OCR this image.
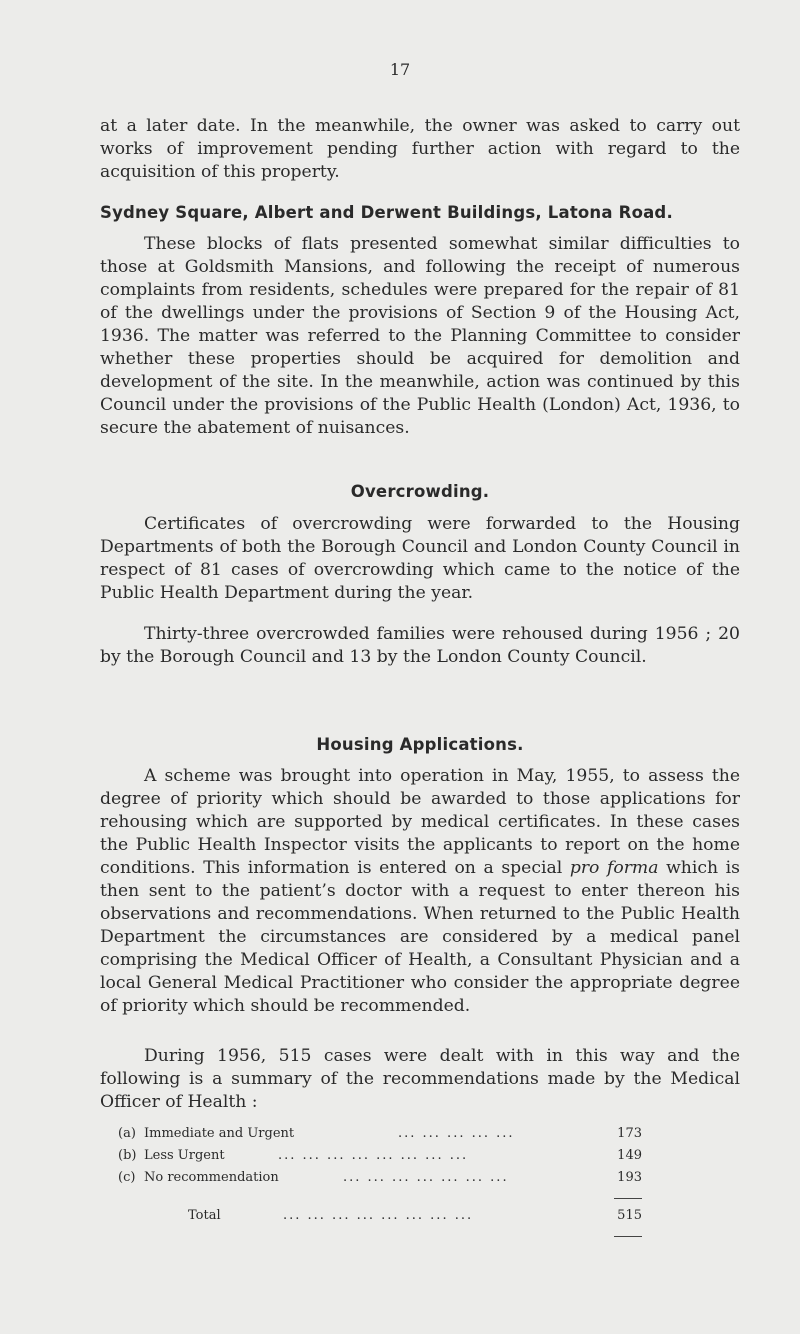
17

at a later date. In the meanwhile, the owner was asked to carry out works of improvement pending further action with regard to the acquisition of this property.

Sydney Square, Albert and Derwent Buildings, Latona Road.

These blocks of flats presented somewhat similar difficulties to those at Goldsmith Mansions, and following the receipt of numerous complaints from residents, schedules were prepared for the repair of 81 of the dwellings under the provisions of Section 9 of the Housing Act, 1936. The matter was referred to the Planning Committee to consider whether these properties should be acquired for demolition and development of the site. In the meanwhile, action was continued by this Council under the provisions of the Public Health (London) Act, 1936, to secure the abatement of nuisances.

Overcrowding.

Certificates of overcrowding were forwarded to the Housing Departments of both the Borough Council and London County Council in respect of 81 cases of overcrowding which came to the notice of the Public Health Department during the year.

Thirty-three overcrowded families were rehoused during 1956 ; 20 by the Borough Council and 13 by the London County Council.

Housing Applications.

A scheme was brought into operation in May, 1955, to assess the degree of priority which should be awarded to those applications for rehousing which are supported by medical certificates. In these cases the Public Health Inspector visits the applicants to report on the home conditions. This information is entered on a special pro forma which is then sent to the patient’s doctor with a request to enter thereon his observations and recommendations. When returned to the Public Health Department the circumstances are considered by a medical panel comprising the Medical Officer of Health, a Consultant Physician and a local General Medical Practitioner who consider the appropriate degree of priority which should be recommended.

During 1956, 515 cases were dealt with in this way and the following is a summary of the recommendations made by the Medical Officer of Health :

(a) Immediate and Urgent	... ... ... ... ...	173
(b) Less Urgent	... ... ... ... ... ... ... ...	149
(c) No recommendation	... ... ... ... ... ... ...	193
Total	... ... ... ... ... ... ... ...	515
